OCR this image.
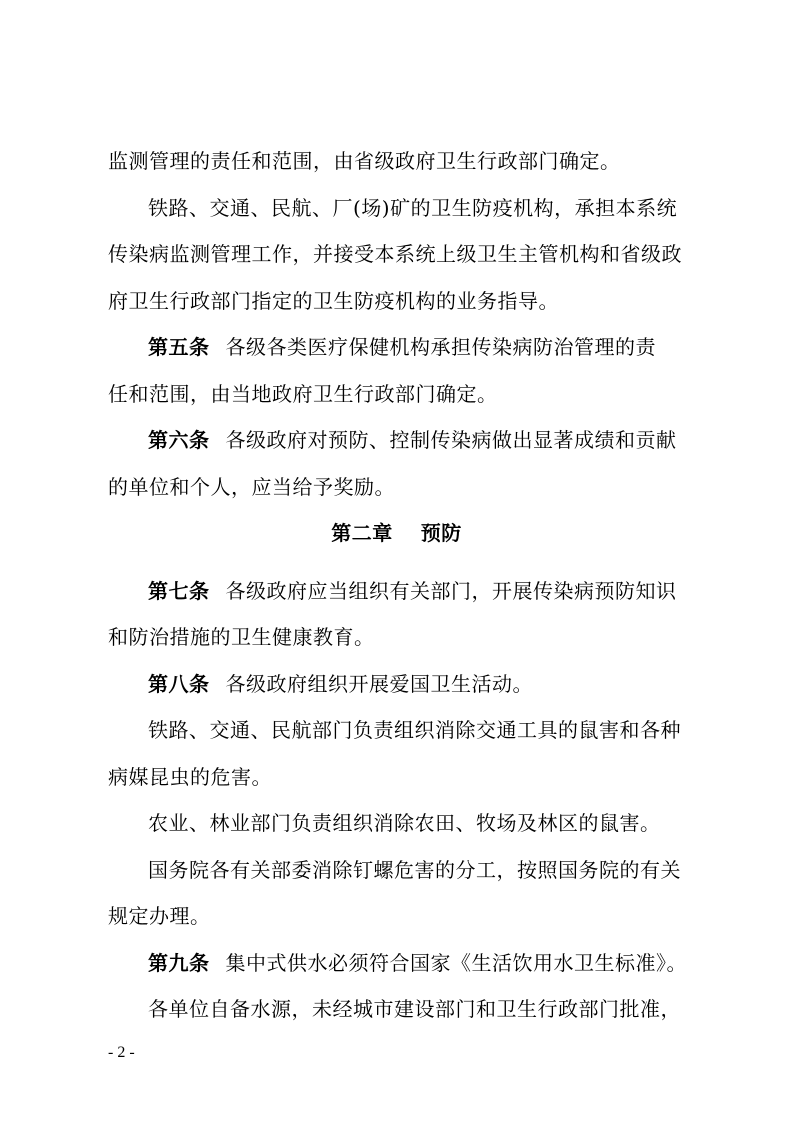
监测管理的责任和范围，由省级政府卫生行政部门确定。
铁路、交通、民航、厂(场)矿的卫生防疫机构，承担本系统
传染病监测管理工作，并接受本系统上级卫生主管机构和省级政
府卫生行政部门指定的卫生防疫机构的业务指导。
第五条 各级各类医疗保健机构承担传染病防治管理的责
任和范围，由当地政府卫生行政部门确定。
第六条 各级政府对预防、控制传染病做出显著成绩和贡献
的单位和个人，应当给予奖励。
第二章 预防
第七条 各级政府应当组织有关部门，开展传染病预防知识
和防治措施的卫生健康教育。
第八条 各级政府组织开展爱国卫生活动。
铁路、交通、民航部门负责组织消除交通工具的鼠害和各种
病媒昆虫的危害。
农业、林业部门负责组织消除农田、牧场及林区的鼠害。
国务院各有关部委消除钉螺危害的分工，按照国务院的有关
规定办理。
第九条 集中式供水必须符合国家《生活饮用水卫生标准》。
各单位自备水源，未经城市建设部门和卫生行政部门批准，
- 2 -
